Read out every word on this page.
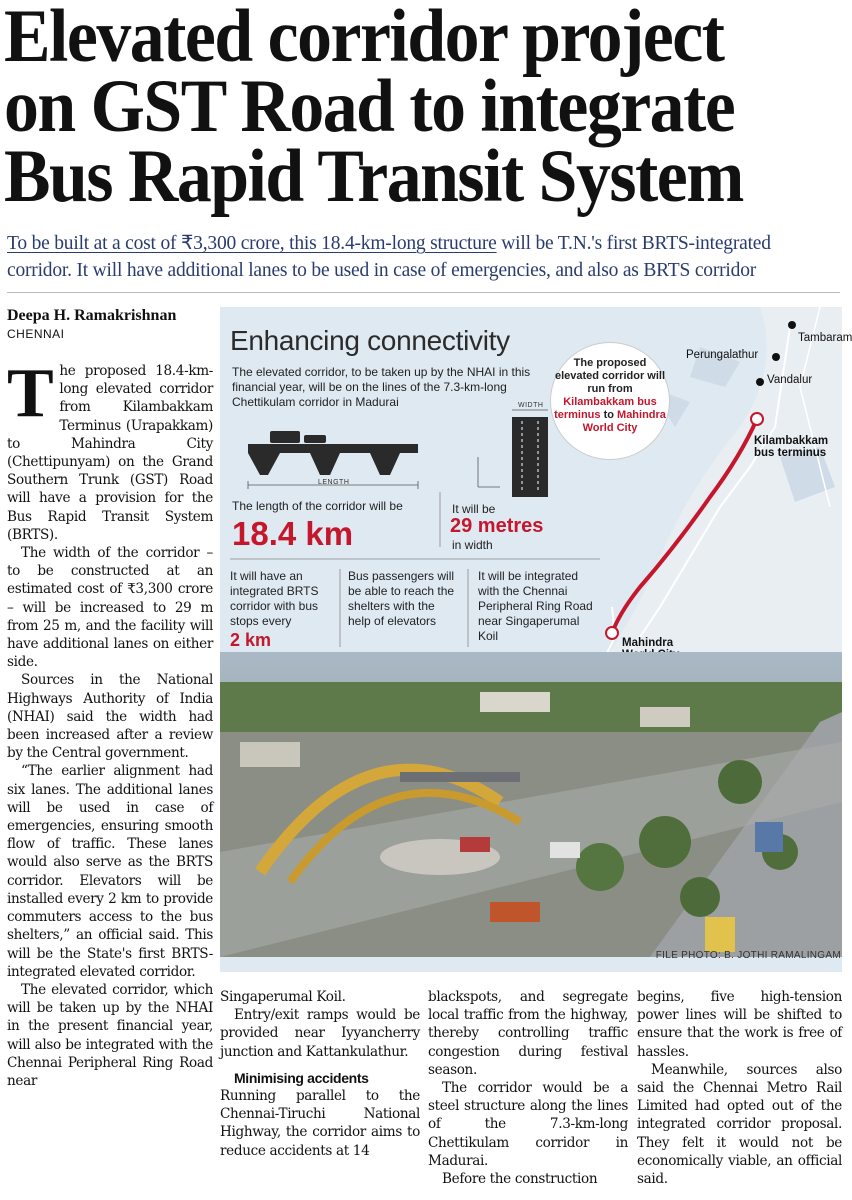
Elevated corridor project
on GST Road to integrate
Bus Rapid Transit System
To be built at a cost of ₹3,300 crore, this 18.4-km-long structure will be T.N.'s first BRTS-integrated
corridor. It will have additional lanes to be used in case of emergencies, and also as BRTS corridor
Deepa H. Ramakrishnan
CHENNAI

The proposed 18.4-km-long elevated corridor from Kilambakkam Terminus (Urapakkam) to Mahindra City (Chettipunyam) on the Grand Southern Trunk (GST) Road will have a provision for the Bus Rapid Transit System (BRTS).

The width of the corridor – to be constructed at an estimated cost of ₹3,300 crore – will be increased to 29 m from 25 m, and the facility will have additional lanes on either side.

Sources in the National Highways Authority of India (NHAI) said the width had been increased after a review by the Central government.

“The earlier alignment had six lanes. The additional lanes will be used in case of emergencies, ensuring smooth flow of traffic. These lanes would also serve as the BRTS corridor. Elevators will be installed every 2 km to provide commuters access to the bus shelters,” an official said. This will be the State's first BRTS-integrated elevated corridor.

The elevated corridor, which will be taken up by the NHAI in the present financial year, will also be integrated with the Chennai Peripheral Ring Road near

Enhancing connectivity
The elevated corridor, to be taken up by the NHAI in this financial year, will be on the lines of the 7.3-km-long Chettikulam corridor in Madurai	WIDTH
LENGTH
The length of the corridor will be
18.4 km
It will be
29 metres
in width
It will have an integrated BRTS corridor with bus stops every
2 km
Bus passengers will be able to reach the shelters with the help of elevators
It will be integrated with the Chennai Peripheral Ring Road near Singaperumal Koil
The proposed elevated corridor will run from
Kilambakkam bus terminus to Mahindra World City
Tambaram
Perungalathur
Vandalur
Kilambakkam bus terminus
Mahindra
FILE PHOTO: B. JOTHI RAMALINGAM

Singaperumal Koil.

Entry/exit ramps would be provided near Iyyancherry junction and Kattankulathur.

Minimising accidents

Running parallel to the Chennai-Tiruchi National Highway, the corridor aims to reduce accidents at 14

blackspots, and segregate local traffic from the highway, thereby controlling traffic congestion during festival season.

The corridor would be a steel structure along the lines of the 7.3-km-long Chettikulam corridor in Madurai.

Before the construction

begins, five high-tension power lines will be shifted to ensure that the work is free of hassles.

Meanwhile, sources also said the Chennai Metro Rail Limited had opted out of the integrated corridor proposal. They felt it would not be economically viable, an official said.
